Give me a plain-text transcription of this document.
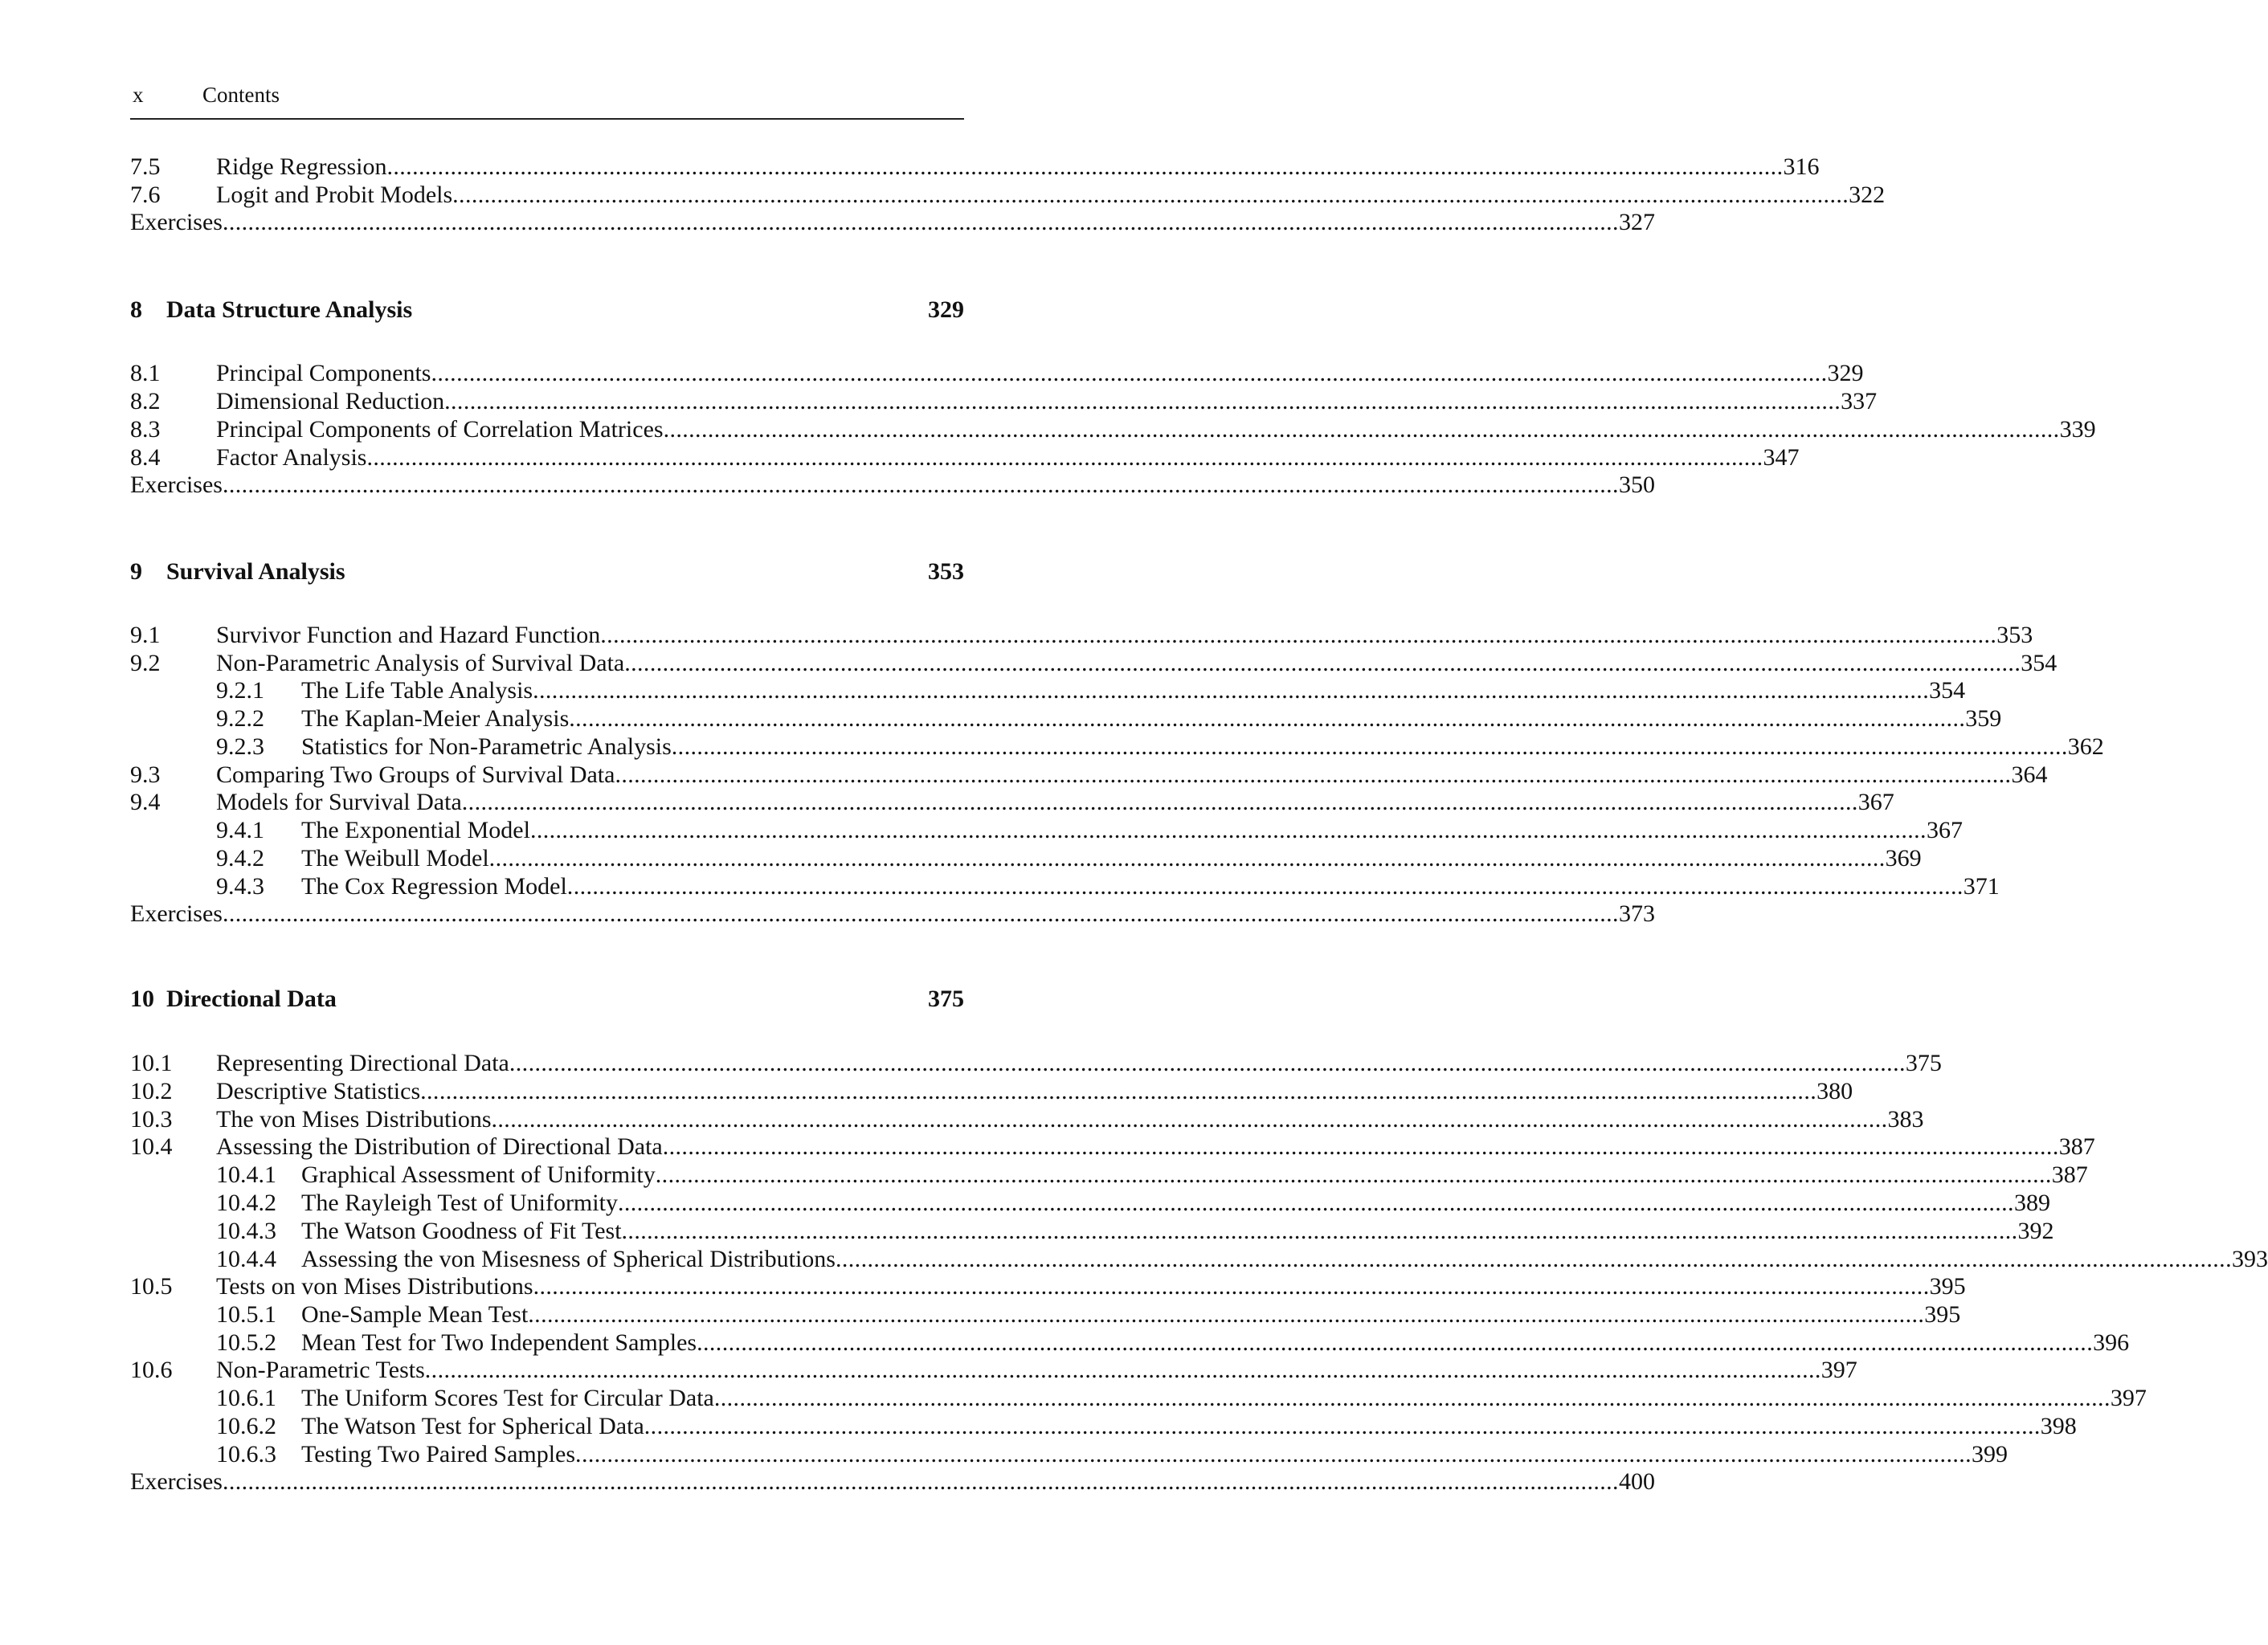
x	Contents
7.5 Ridge Regression ............................................................................................................................................................................................................................ 316
7.6 Logit and Probit Models ............................................................................................................................................................................................................................ 322
Exercises ............................................................................................................................................................................................................................ 327
8 Data Structure Analysis	329
8.1 Principal Components ............................................................................................................................................................................................................................ 329
8.2 Dimensional Reduction ............................................................................................................................................................................................................................ 337
8.3 Principal Components of Correlation Matrices ............................................................................................................................................................................................................................ 339
8.4 Factor Analysis ............................................................................................................................................................................................................................ 347
Exercises ............................................................................................................................................................................................................................ 350
9 Survival Analysis	353
9.1 Survivor Function and Hazard Function ............................................................................................................................................................................................................................ 353
9.2 Non-Parametric Analysis of Survival Data ............................................................................................................................................................................................................................ 354
9.2.1 The Life Table Analysis ............................................................................................................................................................................................................................ 354
9.2.2 The Kaplan-Meier Analysis ............................................................................................................................................................................................................................ 359
9.2.3 Statistics for Non-Parametric Analysis ............................................................................................................................................................................................................................ 362
9.3 Comparing Two Groups of Survival Data ............................................................................................................................................................................................................................ 364
9.4 Models for Survival Data ............................................................................................................................................................................................................................ 367
9.4.1 The Exponential Model ............................................................................................................................................................................................................................ 367
9.4.2 The Weibull Model ............................................................................................................................................................................................................................ 369
9.4.3 The Cox Regression Model ............................................................................................................................................................................................................................ 371
Exercises ............................................................................................................................................................................................................................ 373
10 Directional Data	375
10.1 Representing Directional Data ............................................................................................................................................................................................................................ 375
10.2 Descriptive Statistics ............................................................................................................................................................................................................................ 380
10.3 The von Mises Distributions ............................................................................................................................................................................................................................ 383
10.4 Assessing the Distribution of Directional Data ............................................................................................................................................................................................................................ 387
10.4.1 Graphical Assessment of Uniformity ............................................................................................................................................................................................................................ 387
10.4.2 The Rayleigh Test of Uniformity ............................................................................................................................................................................................................................ 389
10.4.3 The Watson Goodness of Fit Test ............................................................................................................................................................................................................................ 392
10.4.4 Assessing the von Misesness of Spherical Distributions ............................................................................................................................................................................................................................ 393
10.5 Tests on von Mises Distributions ............................................................................................................................................................................................................................ 395
10.5.1 One-Sample Mean Test ............................................................................................................................................................................................................................ 395
10.5.2 Mean Test for Two Independent Samples ............................................................................................................................................................................................................................ 396
10.6 Non-Parametric Tests ............................................................................................................................................................................................................................ 397
10.6.1 The Uniform Scores Test for Circular Data ............................................................................................................................................................................................................................ 397
10.6.2 The Watson Test for Spherical Data ............................................................................................................................................................................................................................ 398
10.6.3 Testing Two Paired Samples ............................................................................................................................................................................................................................ 399
Exercises ............................................................................................................................................................................................................................ 400
